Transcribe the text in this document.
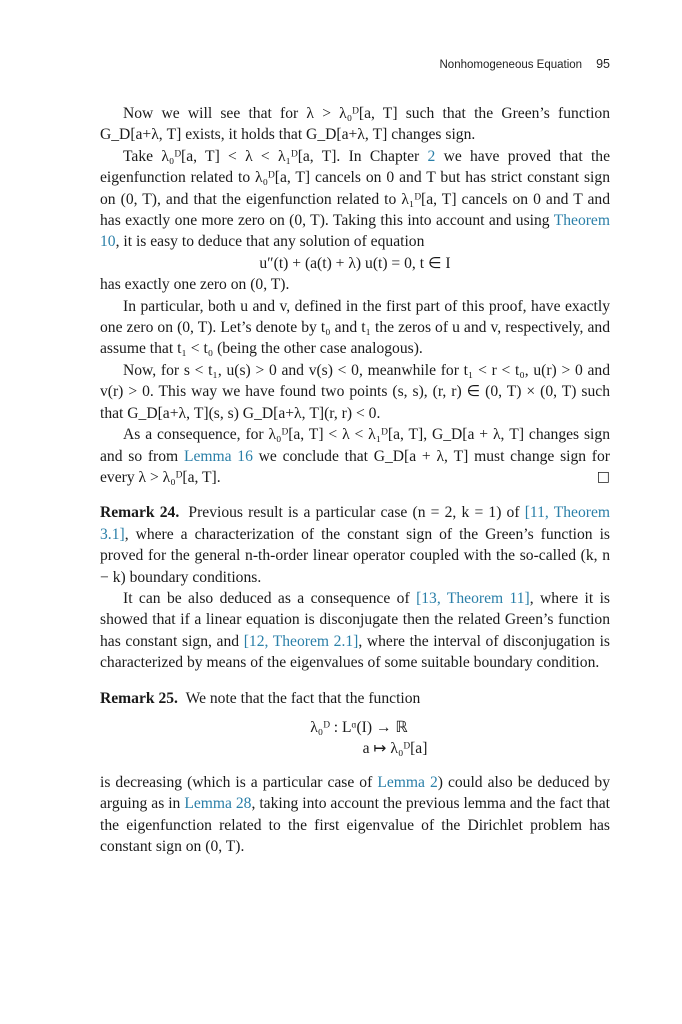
Nonhomogeneous Equation 95

Now we will see that for λ > λ₀ᴰ[a, T] such that the Green’s function G_D[a+λ, T] exists, it holds that G_D[a+λ, T] changes sign.

Take λ₀ᴰ[a, T] < λ < λ₁ᴰ[a, T]. In Chapter 2 we have proved that the eigenfunction related to λ₀ᴰ[a, T] cancels on 0 and T but has strict constant sign on (0, T), and that the eigenfunction related to λ₁ᴰ[a, T] cancels on 0 and T and has exactly one more zero on (0, T). Taking this into account and using Theorem 10, it is easy to deduce that any solution of equation

u″(t) + (a(t) + λ) u(t) = 0, t ∈ I

has exactly one zero on (0, T).

In particular, both u and v, defined in the first part of this proof, have exactly one zero on (0, T). Let’s denote by t₀ and t₁ the zeros of u and v, respectively, and assume that t₁ < t₀ (being the other case analogous).

Now, for s < t₁, u(s) > 0 and v(s) < 0, meanwhile for t₁ < r < t₀, u(r) > 0 and v(r) > 0. This way we have found two points (s, s), (r, r) ∈ (0, T) × (0, T) such that G_D[a+λ, T](s, s) G_D[a+λ, T](r, r) < 0.

As a consequence, for λ₀ᴰ[a, T] < λ < λ₁ᴰ[a, T], G_D[a + λ, T] changes sign and so from Lemma 16 we conclude that G_D[a + λ, T] must change sign for every λ > λ₀ᴰ[a, T].	□

Remark 24. Previous result is a particular case (n = 2, k = 1) of [11, Theorem 3.1], where a characterization of the constant sign of the Green’s function is proved for the general n-th-order linear operator coupled with the so-called (k, n − k) boundary conditions.

It can be also deduced as a consequence of [13, Theorem 11], where it is showed that if a linear equation is disconjugate then the related Green’s function has constant sign, and [12, Theorem 2.1], where the interval of disconjugation is characterized by means of the eigenvalues of some suitable boundary condition.

Remark 25. We note that the fact that the function

λ₀ᴰ : Lᵅ(I) → ℝ
a ↦ λ₀ᴰ[a]

is decreasing (which is a particular case of Lemma 2) could also be deduced by arguing as in Lemma 28, taking into account the previous lemma and the fact that the eigenfunction related to the first eigenvalue of the Dirichlet problem has constant sign on (0, T).
